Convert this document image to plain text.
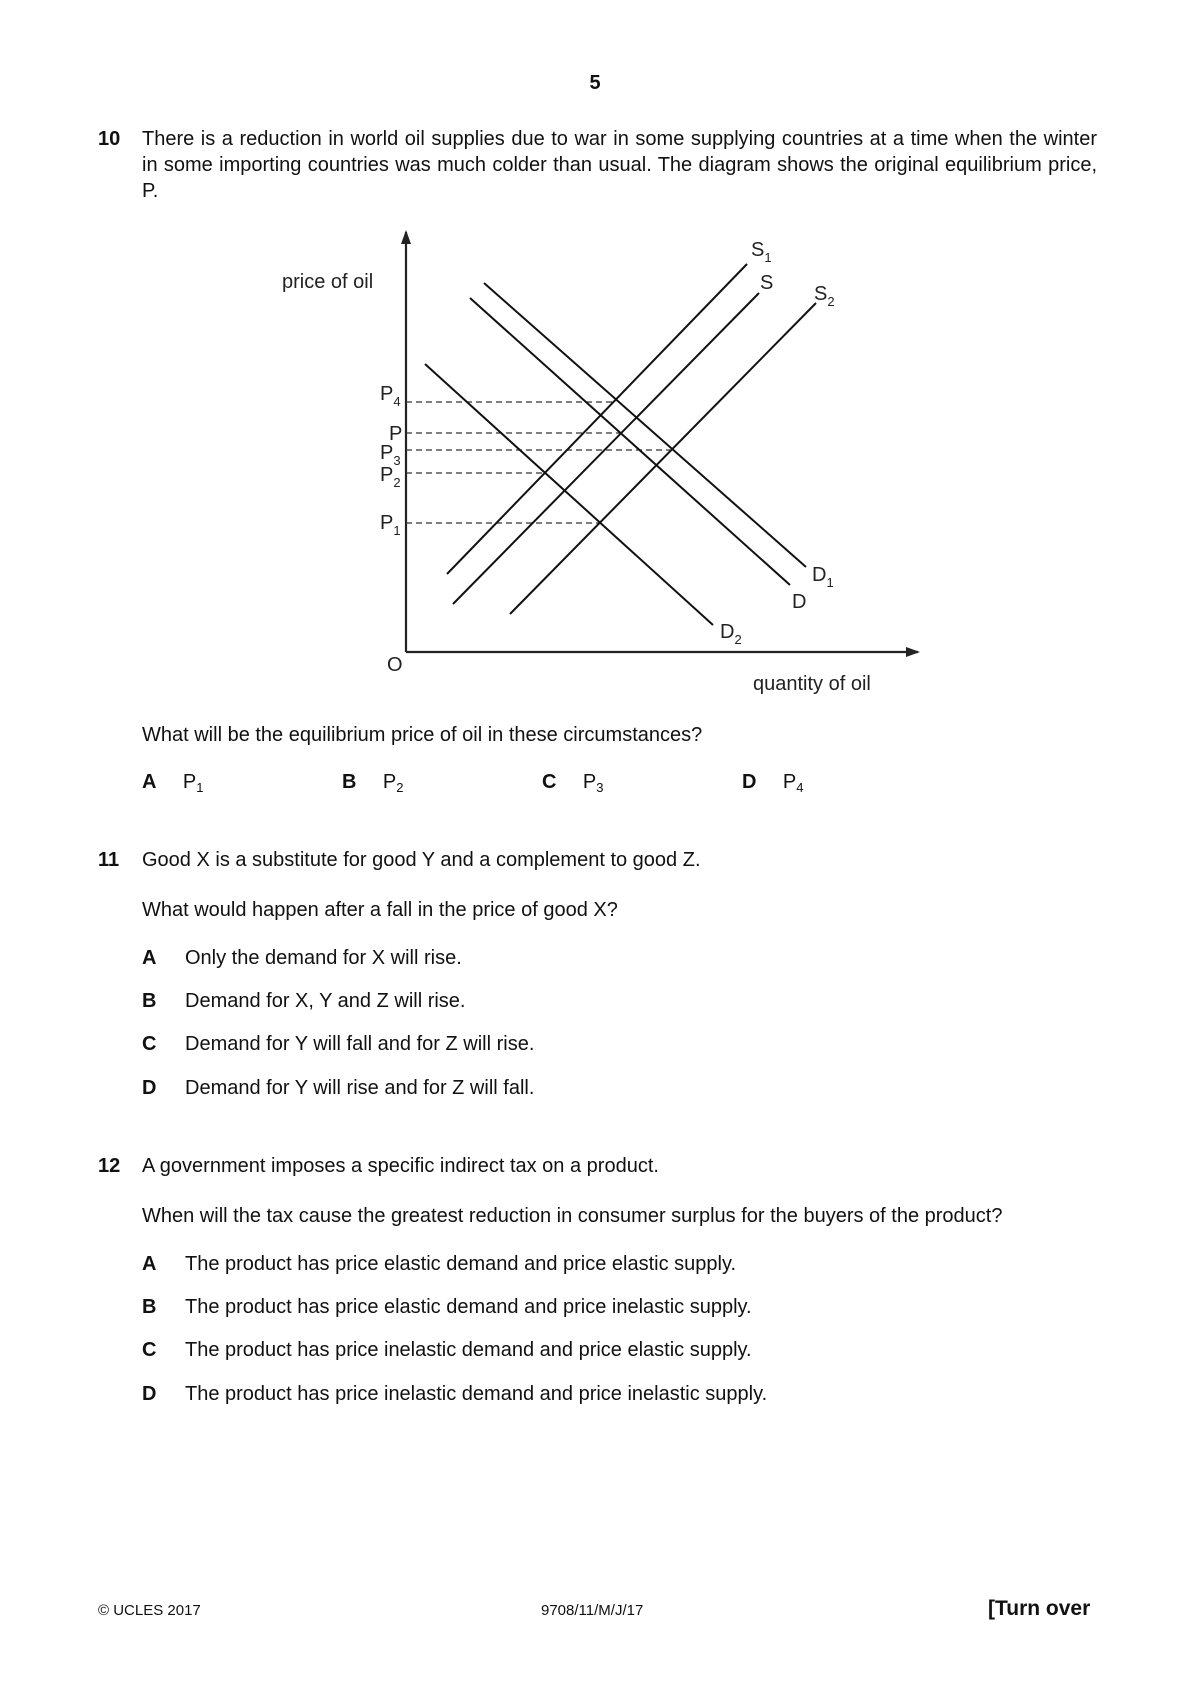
5
10 There is a reduction in world oil supplies due to war in some supplying countries at a time when the winter in some importing countries was much colder than usual. The diagram shows the original equilibrium price, P.
price of oil
quantity of oil
O
$P_4$
P
$P_3$
$P_2$
$P_1$
$S_1$
S $S_2$
$D_1$
D
$D_2$
What will be the equilibrium price of oil in these circumstances?
A $P_1$	B $P_2$	C $P_3$	D $P_4$
11 Good X is a substitute for good Y and a complement to good Z.
What would happen after a fall in the price of good X?
A Only the demand for X will rise.
B Demand for X, Y and Z will rise.
C Demand for Y will fall and for Z will rise.
D Demand for Y will rise and for Z will fall.
12 A government imposes a specific indirect tax on a product.
When will the tax cause the greatest reduction in consumer surplus for the buyers of the product?
A The product has price elastic demand and price elastic supply.
B The product has price elastic demand and price inelastic supply.
C The product has price inelastic demand and price elastic supply.
D The product has price inelastic demand and price inelastic supply.
© UCLES 2017	9708/11/M/J/17	[Turn over
